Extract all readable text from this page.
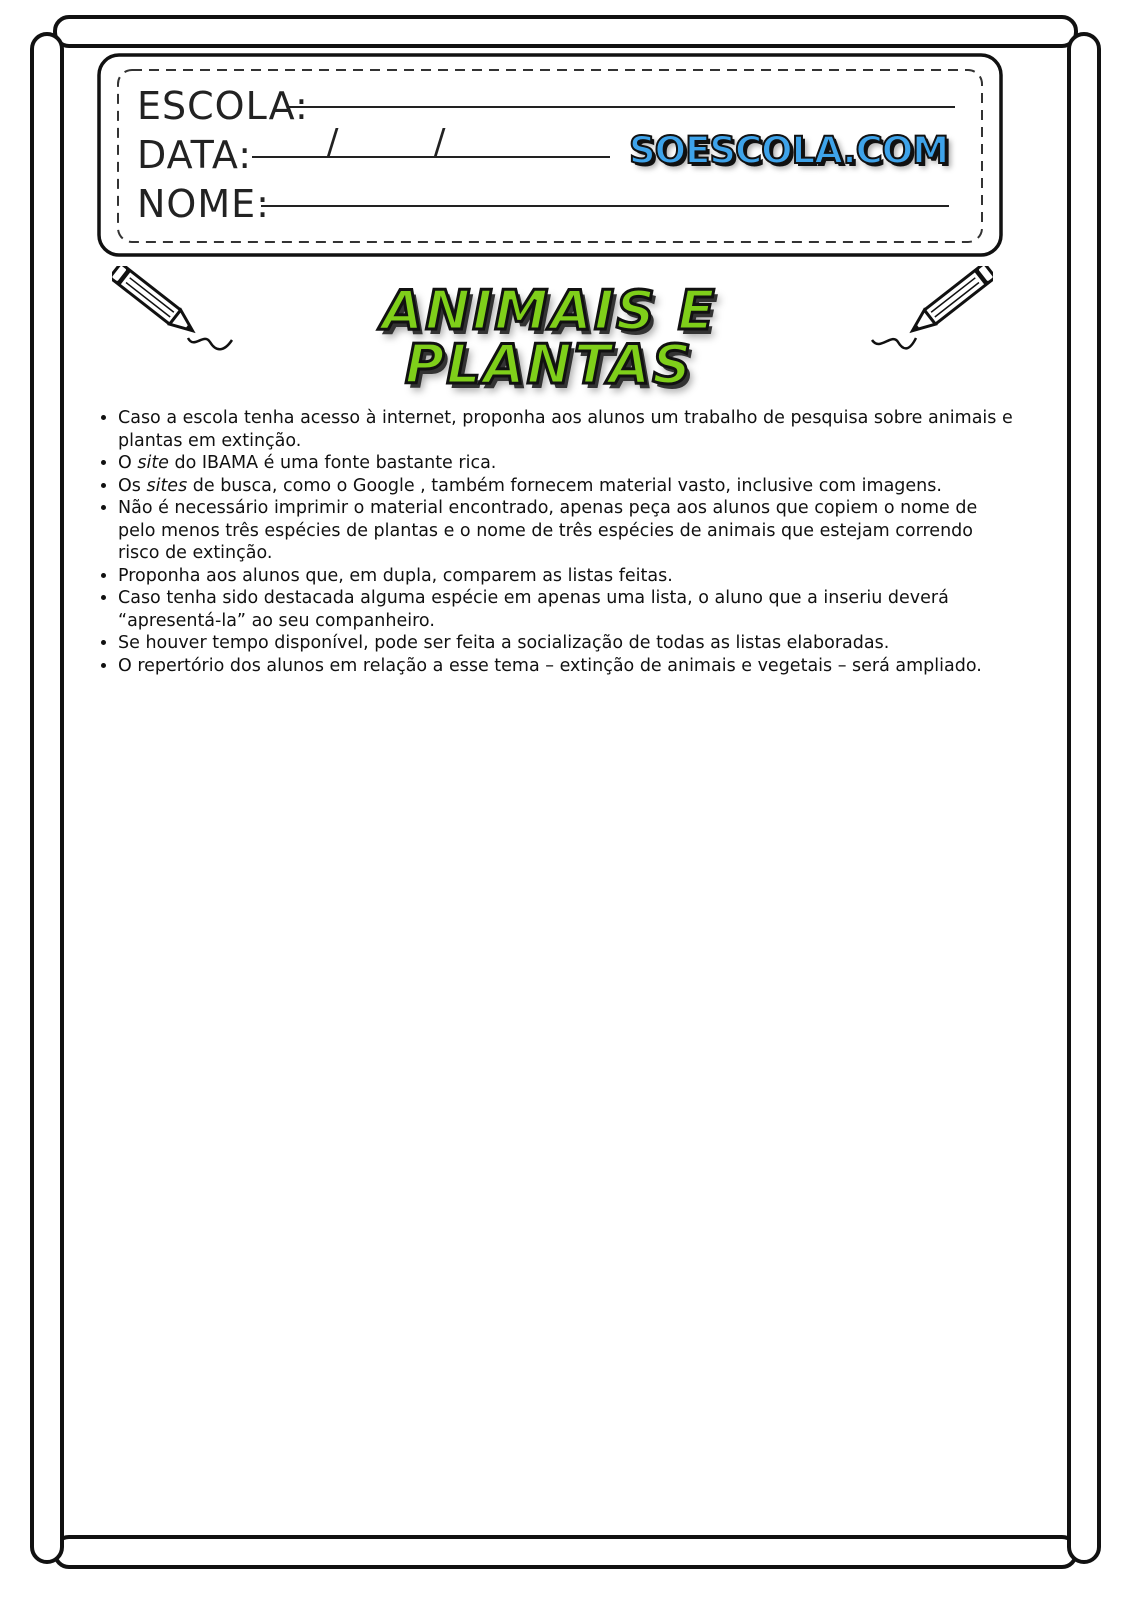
ESCOLA:
DATA: /	/	SOESCOLA.COM
NOME:
ANIMAIS E PLANTAS
• Caso a escola tenha acesso à internet, proponha aos alunos um trabalho de pesquisa sobre animais e plantas em extinção.
• O site do IBAMA é uma fonte bastante rica.
• Os sites de busca, como o Google , também fornecem material vasto, inclusive com imagens.
• Não é necessário imprimir o material encontrado, apenas peça aos alunos que copiem o nome de pelo menos três espécies de plantas e o nome de três espécies de animais que estejam correndo risco de extinção.
• Proponha aos alunos que, em dupla, comparem as listas feitas.
• Caso tenha sido destacada alguma espécie em apenas uma lista, o aluno que a inseriu deverá “apresentá-la” ao seu companheiro.
• Se houver tempo disponível, pode ser feita a socialização de todas as listas elaboradas.
• O repertório dos alunos em relação a esse tema – extinção de animais e vegetais – será ampliado.
